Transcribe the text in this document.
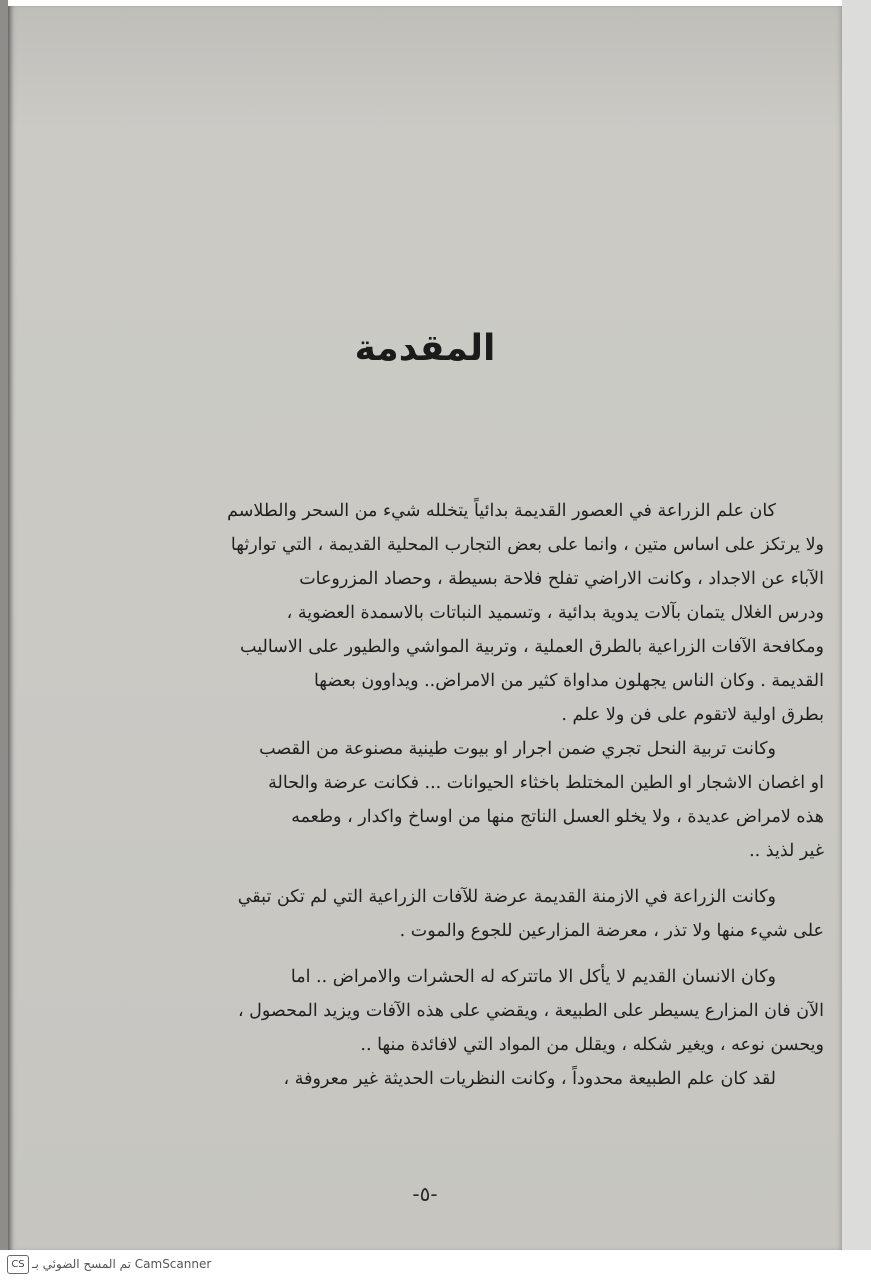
المقدمة
كان علم الزراعة في العصور القديمة بدائياً يتخلله شيء من السحر والطلاسم
ولا يرتكز على اساس متين ، وانما على بعض التجارب المحلية القديمة ، التي توارثها
الآباء عن الاجداد ، وكانت الاراضي تفلح فلاحة بسيطة ، وحصاد المزروعات
ودرس الغلال يتمان بآلات يدوية بدائية ، وتسميد النباتات بالاسمدة العضوية ،
ومكافحة الآفات الزراعية بالطرق العملية ، وتربية المواشي والطيور على الاساليب
القديمة . وكان الناس يجهلون مداواة كثير من الامراض.. ويداوون بعضها
بطرق اولية لاتقوم على فن ولا علم .
وكانت تربية النحل تجري ضمن اجرار او بيوت طينية مصنوعة من القصب
او اغصان الاشجار او الطين المختلط باخثاء الحيوانات ... فكانت عرضة والحالة
هذه لامراض عديدة ، ولا يخلو العسل الناتج منها من اوساخ واكدار ، وطعمه
غير لذيذ ..
وكانت الزراعة في الازمنة القديمة عرضة للآفات الزراعية التي لم تكن تبقي
على شيء منها ولا تذر ، معرضة المزارعين للجوع والموت .
وكان الانسان القديم لا يأكل الا ماتتركه له الحشرات والامراض .. اما
الآن فان المزارع يسيطر على الطبيعة ، ويقضي على هذه الآفات ويزيد المحصول ،
ويحسن نوعه ، ويغير شكله ، ويقلل من المواد التي لافائدة منها ..
لقد كان علم الطبيعة محدوداً ، وكانت النظريات الحديثة غير معروفة ،
-٥-
CS تم المسح الضوئي بـ CamScanner
